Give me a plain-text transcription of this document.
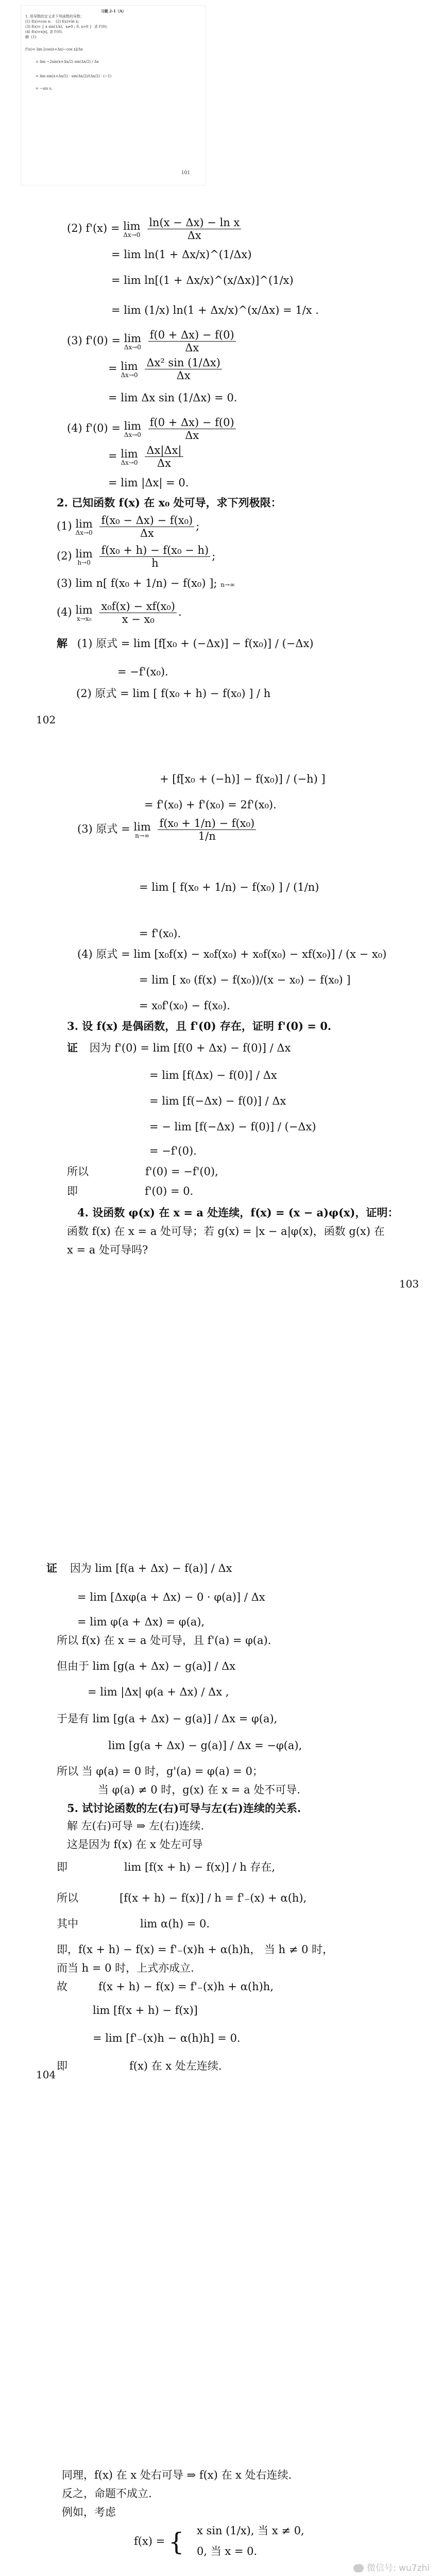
习题 2-1（A）
1. 用导数的定义求下列函数的导数：
(1) f(x)=cos x;    (2) f(x)=ln x;
(3) f(x)= { x sin(1/x),  x≠0 ; 0, x=0 }  求 f'(0);
(4) f(x)=x|x|, 求 f'(0).
解  (1)
f'(x)= lim [cos(x+Δx)−cos x]/Δx
= lim −2sin(x+Δx/2) sin(Δx/2) / Δx
= lim sin(x+Δx/2) · sin(Δx/2)/(Δx/2) · (−1)
= −sin x.
101
(2) f'(x) = lim
Δx→0
$\frac{\text{ln(x − Δx) − ln x}}{\Delta x}$
= lim ln(1 + Δx/x)^(1/Δx)
= lim ln[(1 + Δx/x)^(x/Δx)]^(1/x)
= lim (1/x) ln(1 + Δx/x)^(x/Δx) = 1/x .
(3) f'(0) = lim
Δx→0
$\frac{f(0 + \Delta x) - f(0)}{\Delta x}$
= lim
Δx→0
$\frac{\text{Δx² sin (1/Δx)}}{\Delta x}$
= lim Δx sin (1/Δx) = 0.
(4) f'(0) = lim
Δx→0
$\frac{f(0 + \Delta x) - f(0)}{\Delta x}$
= lim
Δx→0
$\frac{\Delta x|\Delta x|}{\Delta x}$
= lim |Δx| = 0.
2. 已知函数 f(x) 在 x₀ 处可导，求下列极限：
(1) lim
Δx→0
$\frac{\text{f(x₀ − Δx) − f(x₀)}}{\Delta x}$ ;
(2) lim
h→0
$\frac{\text{f(x₀ + h) − f(x₀ − h)}}{h}$ ;
(3) lim n[ f(x₀ + 1/n) − f(x₀) ]; n→∞
(4) lim
x→x₀
$\frac{\text{x₀f(x) − xf(x₀)}}{\text{x − x₀}}$ .
解 (1) 原式 = lim [f[x₀ + (−Δx)] − f(x₀)] / (−Δx)
= −f'(x₀).
(2) 原式 = lim [ f(x₀ + h) − f(x₀) ] / h
102
+ [f[x₀ + (−h)] − f(x₀)] / (−h) ]
= f'(x₀) + f'(x₀) = 2f'(x₀).
(3) 原式 = lim
n→∞
$\frac{\text{f(x₀ + 1/n) − f(x₀)}}{1/n}$
= lim [ f(x₀ + 1/n) − f(x₀) ] / (1/n)
= f'(x₀).
(4) 原式 = lim [x₀f(x) − x₀f(x₀) + x₀f(x₀) − xf(x₀)] / (x − x₀)
= lim [ x₀ (f(x) − f(x₀))/(x − x₀) − f(x₀) ]
= x₀f'(x₀) − f(x₀).
3. 设 f(x) 是偶函数，且 f'(0) 存在，证明 f'(0) = 0.
证 因为 f'(0) = lim [f(0 + Δx) − f(0)] / Δx
= lim [f(Δx) − f(0)] / Δx
= lim [f(−Δx) − f(0)] / Δx
= − lim [f(−Δx) − f(0)] / (−Δx)
= −f'(0).
所以	f'(0) = −f'(0),
即	f'(0) = 0.
4. 设函数 φ(x) 在 x = a 处连续，f(x) = (x − a)φ(x)，证明：
函数 f(x) 在 x = a 处可导；若 g(x) = |x − a|φ(x)，函数 g(x) 在
x = a 处可导吗?
103
证 因为 lim [f(a + Δx) − f(a)] / Δx
= lim [Δxφ(a + Δx) − 0 · φ(a)] / Δx
= lim φ(a + Δx) = φ(a),
所以 f(x) 在 x = a 处可导，且 f'(a) = φ(a).
但由于 lim [g(a + Δx) − g(a)] / Δx
= lim |Δx| φ(a + Δx) / Δx ,
于是有 lim [g(a + Δx) − g(a)] / Δx = φ(a),
lim [g(a + Δx) − g(a)] / Δx = −φ(a),
所以 当 φ(a) = 0 时，g'(a) = φ(a) = 0；
当 φ(a) ≠ 0 时，g(x) 在 x = a 处不可导.
5. 试讨论函数的左(右)可导与左(右)连续的关系.
解 左(右)可导 ⇒ 左(右)连续.
这是因为 f(x) 在 x 处左可导
即	lim [f(x + h) − f(x)] / h 存在,
所以	[f(x + h) − f(x)] / h = f'₋(x) + α(h),
其中	lim α(h) = 0.
即，f(x + h) − f(x) = f'₋(x)h + α(h)h， 当 h ≠ 0 时，
而当 h = 0 时，上式亦成立.
故	f(x + h) − f(x) = f'₋(x)h + α(h)h,
lim [f(x + h) − f(x)]
= lim [f'₋(x)h − α(h)h] = 0.
即	f(x) 在 x 处左连续.
104
同理，f(x) 在 x 处右可导 ⇒ f(x) 在 x 处右连续.
反之，命题不成立.
例如，考虑
f(x) = { x sin (1/x), 当 x ≠ 0,
0, 当 x = 0.
微信号: wu7zhi
